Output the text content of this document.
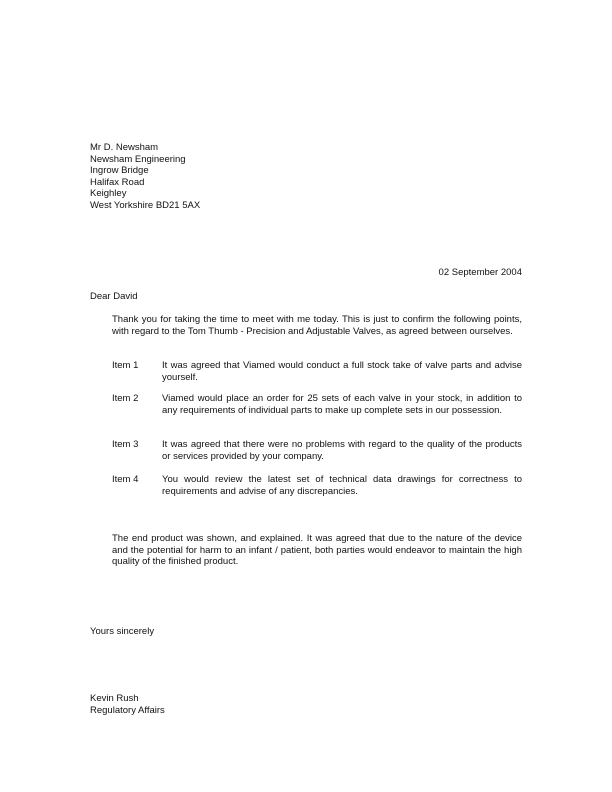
Mr D. Newsham
Newsham Engineering
Ingrow Bridge
Halifax Road
Keighley
West Yorkshire BD21 5AX
02 September 2004
Dear David
Thank you for taking the time to meet with me today. This is just to confirm the following points, with regard to the Tom Thumb - Precision and Adjustable Valves, as agreed between ourselves.
Item 1	It was agreed that Viamed would conduct a full stock take of valve parts and advise yourself.
Item 2	Viamed would place an order for 25 sets of each valve in your stock, in addition to any requirements of individual parts to make up complete sets in our possession.
Item 3	It was agreed that there were no problems with regard to the quality of the products or services provided by your company.
Item 4	You would review the latest set of technical data drawings for correctness to requirements and advise of any discrepancies.
The end product was shown, and explained. It was agreed that due to the nature of the device and the potential for harm to an infant / patient, both parties would endeavor to maintain the high quality of the finished product.
Yours sincerely
Kevin Rush
Regulatory Affairs
